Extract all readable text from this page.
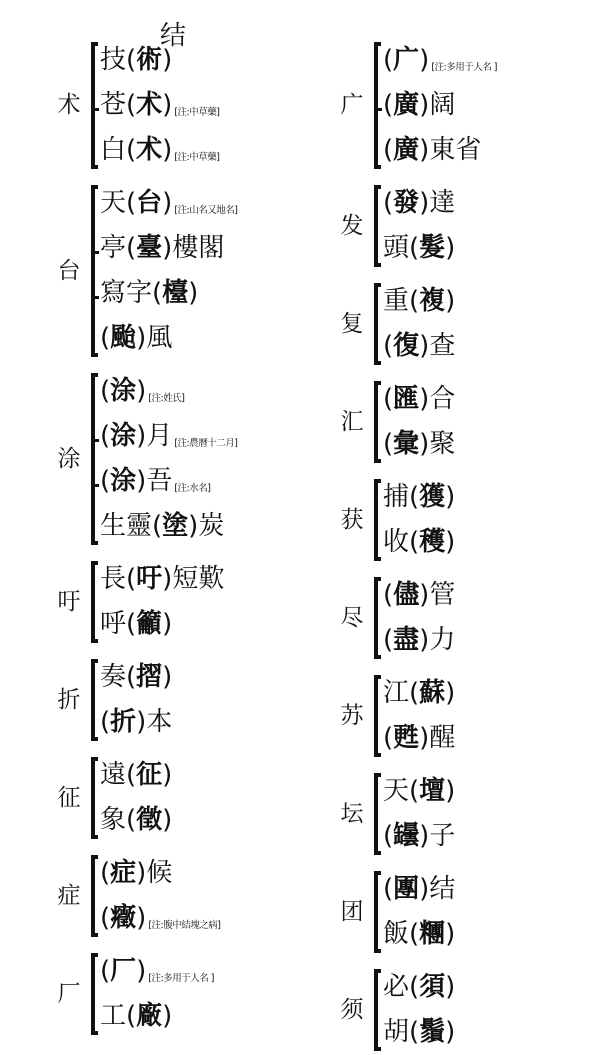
术
技(術)
苍(术) [注:中草藥]
白(术) [注:中草藥]
台
天(台) [注:山名又地名]
亭(臺)樓閣
寫字(檯)
(颱)風
涂
(涂) [注:姓氏]
(涂)月 [注:農曆十二月]
(涂)吾 [注:水名]
生靈(塗)炭
吁
長(吁)短歎
呼(籲)
折
奏(摺)
(折)本
征
遠(征)
象(徵)
症
(症)候
(癥) [注:腹中結塊之病]
结
厂
(厂) [注:多用于人名 ]
工(廠)
广
(广) [注:多用于人名 ]
(廣)阔
(廣)東省
发
(發)達
頭(髮)
复
重(複)
(復)查
汇
(匯)合
(彙)聚
获
捕(獲)
收(穫)
尽
(儘)管
(盡)力
苏
江(蘇)
(甦)醒
坛
天(壇)
(罎)子
团
(團)结
飯(糰)
须
必(須)
胡(鬚)
